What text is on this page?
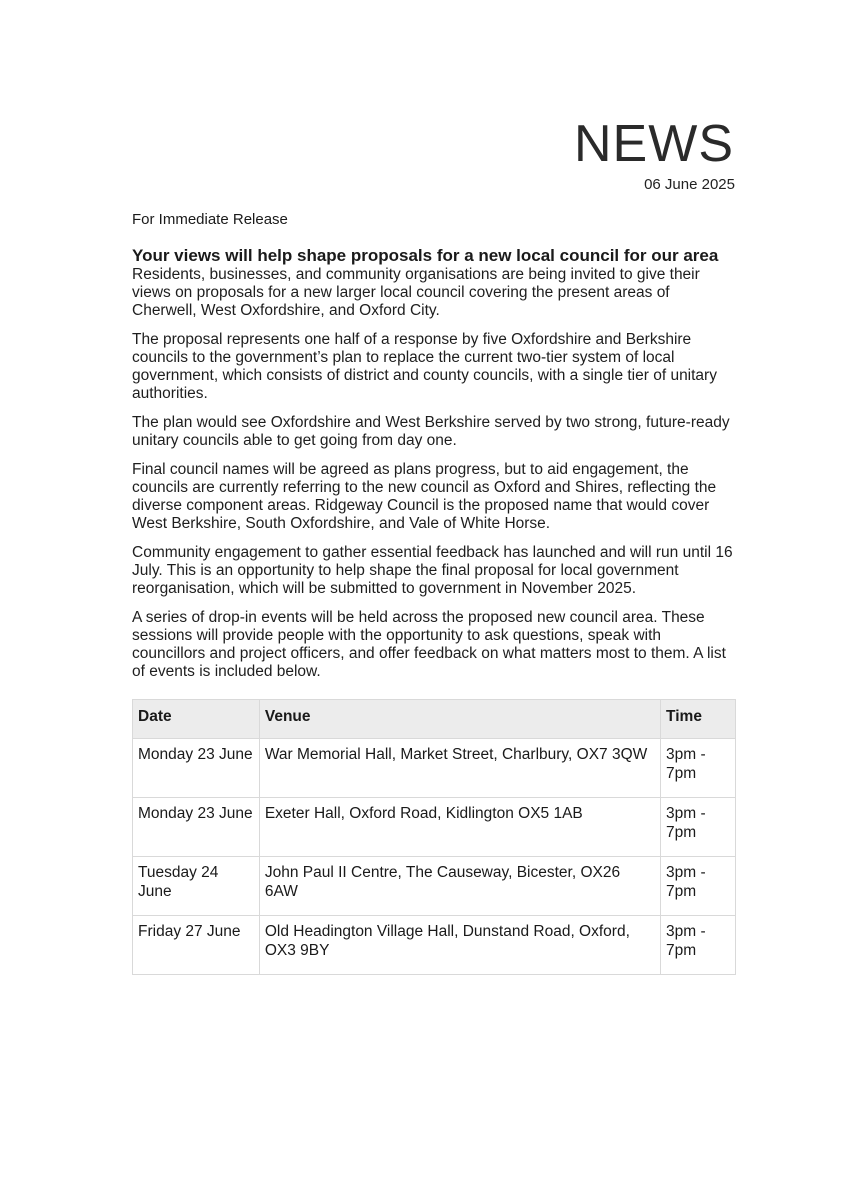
NEWS
06 June 2025
For Immediate Release
Your views will help shape proposals for a new local council for our area

Residents, businesses, and community organisations are being invited to give their views on proposals for a new larger local council covering the present areas of Cherwell, West Oxfordshire, and Oxford City.

The proposal represents one half of a response by five Oxfordshire and Berkshire councils to the government’s plan to replace the current two-tier system of local government, which consists of district and county councils, with a single tier of unitary authorities.

The plan would see Oxfordshire and West Berkshire served by two strong, future-ready unitary councils able to get going from day one.

Final council names will be agreed as plans progress, but to aid engagement, the councils are currently referring to the new council as Oxford and Shires, reflecting the diverse component areas. Ridgeway Council is the proposed name that would cover West Berkshire, South Oxfordshire, and Vale of White Horse.

Community engagement to gather essential feedback has launched and will run until 16 July. This is an opportunity to help shape the final proposal for local government reorganisation, which will be submitted to government in November 2025.

A series of drop-in events will be held across the proposed new council area. These sessions will provide people with the opportunity to ask questions, speak with councillors and project officers, and offer feedback on what matters most to them. A list of events is included below.

Date	Venue	Time
Monday 23 June	War Memorial Hall, Market Street, Charlbury, OX7 3QW	3pm - 7pm
Monday 23 June	Exeter Hall, Oxford Road, Kidlington OX5 1AB	3pm - 7pm
Tuesday 24 June	John Paul II Centre, The Causeway, Bicester, OX26 6AW	3pm - 7pm
Friday 27 June	Old Headington Village Hall, Dunstand Road, Oxford, OX3 9BY	3pm - 7pm
